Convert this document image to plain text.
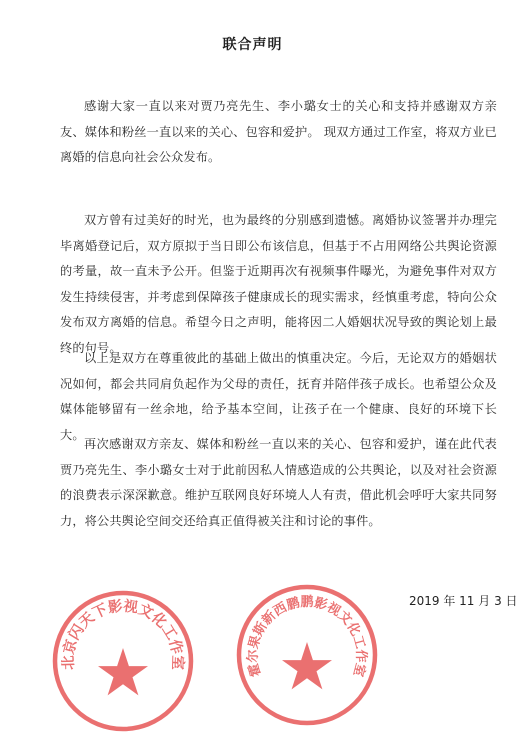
联合声明

感谢大家一直以来对贾乃亮先生、李小璐女士的关心和支持并感谢双方亲友、媒体和粉丝一直以来的关心、包容和爱护。 现双方通过工作室，将双方业已离婚的信息向社会公众发布。

双方曾有过美好的时光，也为最终的分别感到遗憾。离婚协议签署并办理完毕离婚登记后，双方原拟于当日即公布该信息，但基于不占用网络公共舆论资源的考量，故一直未予公开。但鉴于近期再次有视频事件曝光，为避免事件对双方发生持续侵害，并考虑到保障孩子健康成长的现实需求，经慎重考虑，特向公众发布双方离婚的信息。希望今日之声明，能将因二人婚姻状况导致的舆论划上最终的句号。

以上是双方在尊重彼此的基础上做出的慎重决定。今后，无论双方的婚姻状况如何，都会共同肩负起作为父母的责任，抚育并陪伴孩子成长。也希望公众及媒体能够留有一丝余地，给予基本空间，让孩子在一个健康、良好的环境下长大。

再次感谢双方亲友、媒体和粉丝一直以来的关心、包容和爱护，谨在此代表贾乃亮先生、李小璐女士对于此前因私人情感造成的公共舆论，以及对社会资源的浪费表示深深歉意。维护互联网良好环境人人有责，借此机会呼吁大家共同努力，将公共舆论空间交还给真正值得被关注和讨论的事件。

2019 年 11 月 3 日
北京闪天下影视文化工作室	霍尔果斯新西鹏鹏影视文化工作室
